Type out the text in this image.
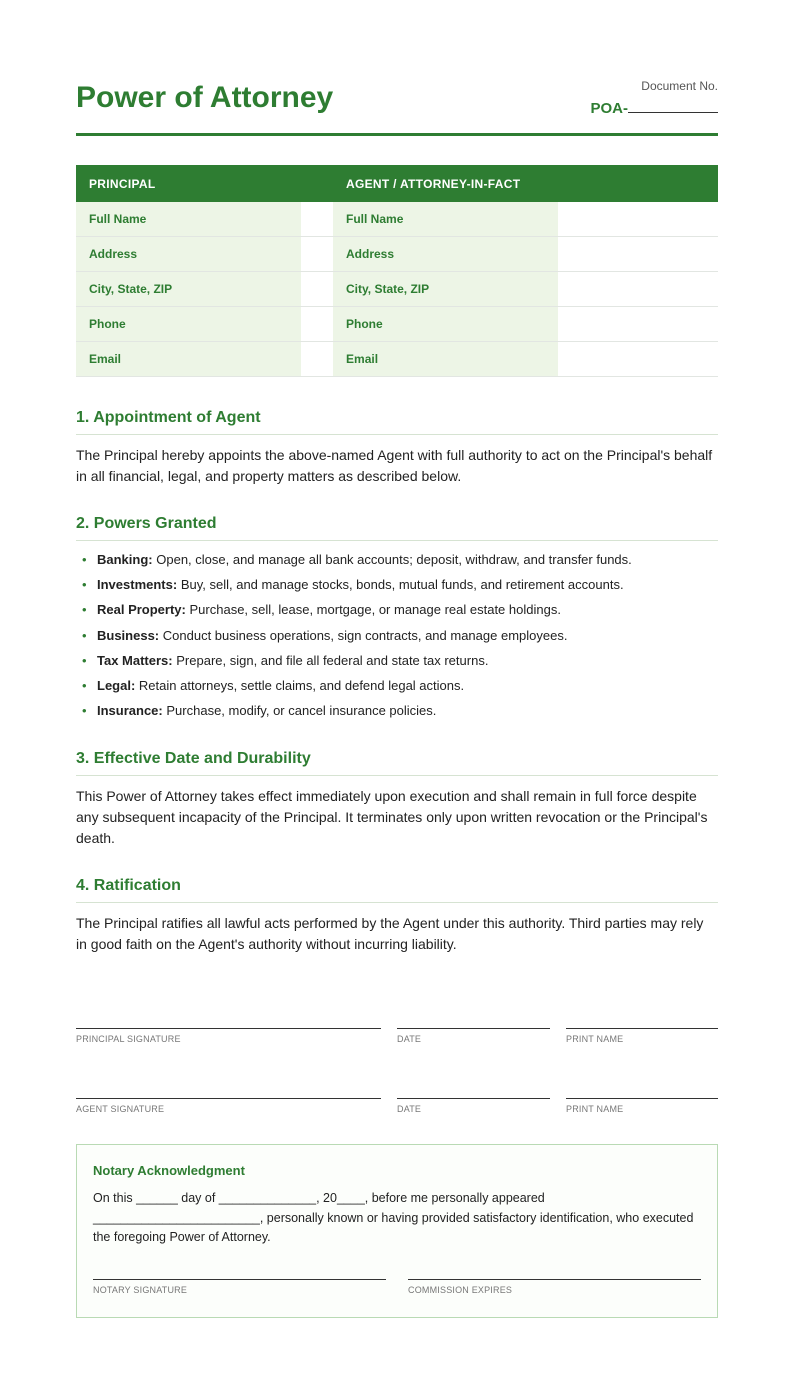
Power of Attorney	Document No.
POA-
PRINCIPAL		AGENT / ATTORNEY-IN-FACT	
Full Name		Full Name	
Address		Address	
City, State, ZIP		City, State, ZIP	
Phone		Phone	
Email		Email	
1. Appointment of Agent

The Principal hereby appoints the above-named Agent with full authority to act on the Principal's behalf in all financial, legal, and property matters as described below.

2. Powers Granted
• Banking: Open, close, and manage all bank accounts; deposit, withdraw, and transfer funds.
• Investments: Buy, sell, and manage stocks, bonds, mutual funds, and retirement accounts.
• Real Property: Purchase, sell, lease, mortgage, or manage real estate holdings.
• Business: Conduct business operations, sign contracts, and manage employees.
• Tax Matters: Prepare, sign, and file all federal and state tax returns.
• Legal: Retain attorneys, settle claims, and defend legal actions.
• Insurance: Purchase, modify, or cancel insurance policies.
3. Effective Date and Durability

This Power of Attorney takes effect immediately upon execution and shall remain in full force despite any subsequent incapacity of the Principal. It terminates only upon written revocation or the Principal's death.

4. Ratification

The Principal ratifies all lawful acts performed by the Agent under this authority. Third parties may rely in good faith on the Agent's authority without incurring liability.

PRINCIPAL SIGNATURE	DATE	PRINT NAME
AGENT SIGNATURE	DATE	PRINT NAME
Notary Acknowledgment
On this ______ day of ______________, 20____, before me personally appeared ________________________, personally known or having provided satisfactory identification, who executed the foregoing Power of Attorney.
NOTARY SIGNATURE	COMMISSION EXPIRES
